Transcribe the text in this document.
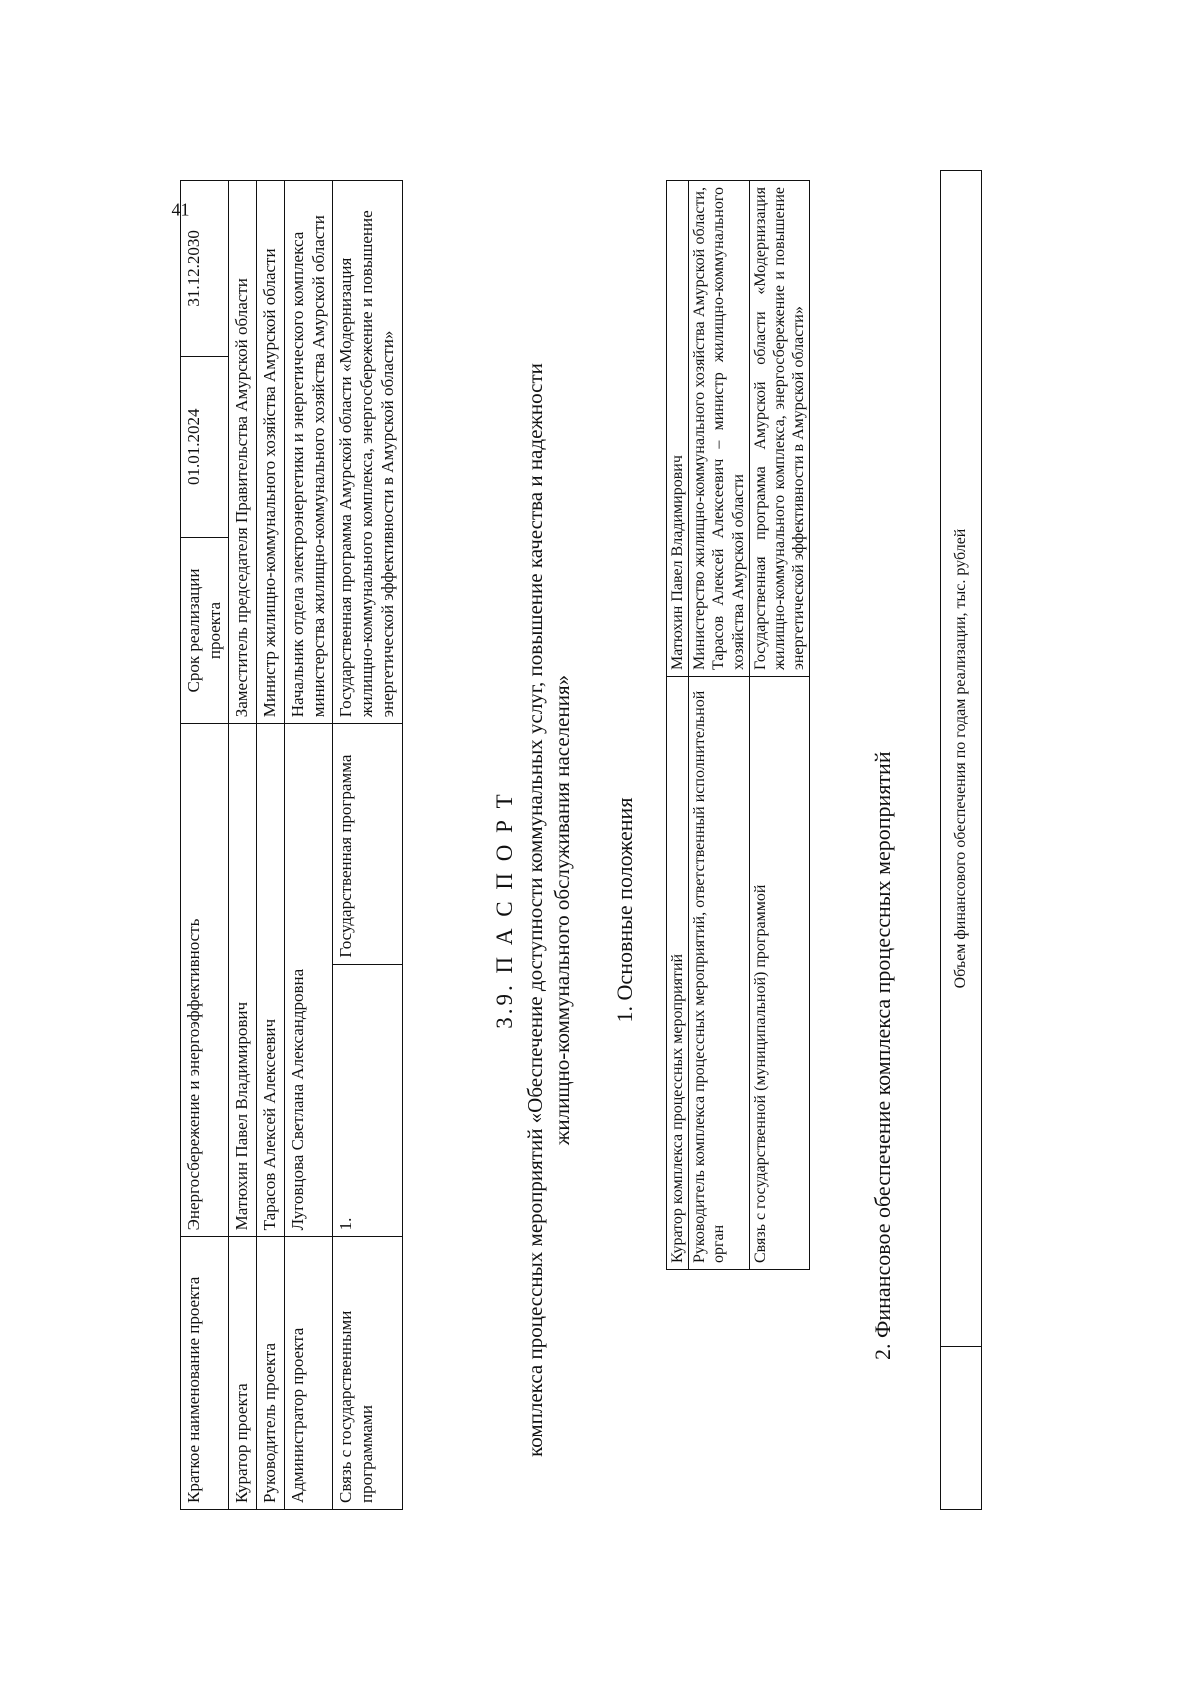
41
Краткое наименование проекта	Энергосбережение и энергоэффективность		Срок реализации проекта	01.01.2024	31.12.2030
Куратор проекта	Матюхин Павел Владимирович		Заместитель председателя Правительства Амурской области		
Руководитель проекта	Тарасов Алексей Алексеевич		Министр жилищно-коммунального хозяйства Амурской области		
Администратор проекта	Луговцова Светлана Александровна		Начальник отдела электроэнергетики и энергетического комплекса министерства жилищно-коммунального хозяйства Амурской области		
Связь с государственными программами	1.	Государственная программа	Государственная программа Амурской области «Модернизация жилищно-коммунального комплекса, энергосбережение и повышение энергетической эффективности в Амурской области»		
3.9. П А С П О Р Т комплекса процессных мероприятий «Обеспечение доступности коммунальных услуг, повышение качества и надежности жилищно-коммунального обслуживания населения» 1. Основные положения
Куратор комплекса процессных мероприятий	Матюхин Павел Владимирович
Руководитель комплекса процессных мероприятий, ответственный исполнительной орган	Министерство жилищно-коммунального хозяйства Амурской области, Тарасов Алексей Алексеевич – министр жилищно-коммунального хозяйства Амурской области
Связь с государственной (муниципальной) программой	Государственная программа Амурской области «Модернизация жилищно-коммунального комплекса, энергосбережение и повышение энергетической эффективности в Амурской области»
2. Финансовое обеспечение комплекса процессных мероприятий
		Объем финансового обеспечения по годам реализации, тыс. рублей
